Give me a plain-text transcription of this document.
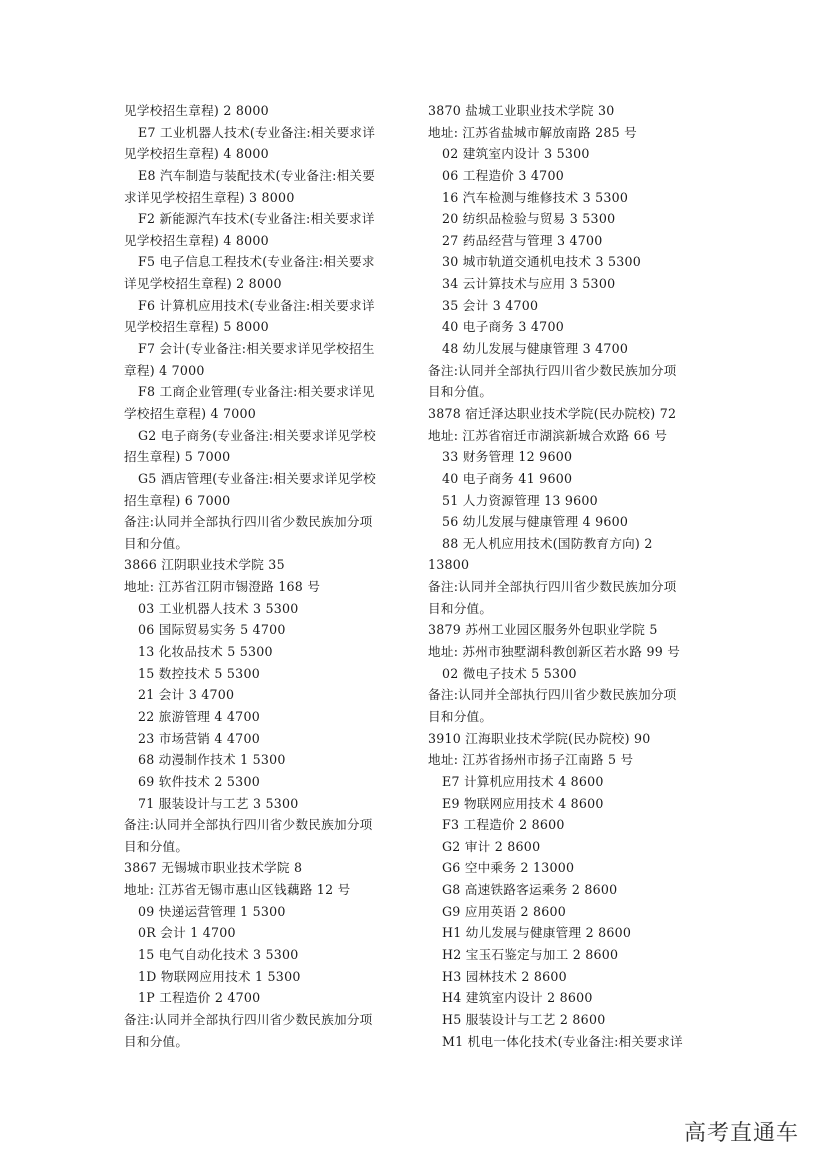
见学校招生章程) 2 8000
E7 工业机器人技术(专业备注:相关要求详
见学校招生章程) 4 8000
E8 汽车制造与装配技术(专业备注:相关要
求详见学校招生章程) 3 8000
F2 新能源汽车技术(专业备注:相关要求详
见学校招生章程) 4 8000
F5 电子信息工程技术(专业备注:相关要求
详见学校招生章程) 2 8000
F6 计算机应用技术(专业备注:相关要求详
见学校招生章程) 5 8000
F7 会计(专业备注:相关要求详见学校招生
章程) 4 7000
F8 工商企业管理(专业备注:相关要求详见
学校招生章程) 4 7000
G2 电子商务(专业备注:相关要求详见学校
招生章程) 5 7000
G5 酒店管理(专业备注:相关要求详见学校
招生章程) 6 7000
备注:认同并全部执行四川省少数民族加分项
目和分值。
3866 江阴职业技术学院 35
地址: 江苏省江阴市锡澄路 168 号
03 工业机器人技术 3 5300
06 国际贸易实务 5 4700
13 化妆品技术 5 5300
15 数控技术 5 5300
21 会计 3 4700
22 旅游管理 4 4700
23 市场营销 4 4700
68 动漫制作技术 1 5300
69 软件技术 2 5300
71 服装设计与工艺 3 5300
备注:认同并全部执行四川省少数民族加分项
目和分值。
3867 无锡城市职业技术学院 8
地址: 江苏省无锡市惠山区钱藕路 12 号
09 快递运营管理 1 5300
0R 会计 1 4700
15 电气自动化技术 3 5300
1D 物联网应用技术 1 5300
1P 工程造价 2 4700
备注:认同并全部执行四川省少数民族加分项
目和分值。
3870 盐城工业职业技术学院 30
地址: 江苏省盐城市解放南路 285 号
02 建筑室内设计 3 5300
06 工程造价 3 4700
16 汽车检测与维修技术 3 5300
20 纺织品检验与贸易 3 5300
27 药品经营与管理 3 4700
30 城市轨道交通机电技术 3 5300
34 云计算技术与应用 3 5300
35 会计 3 4700
40 电子商务 3 4700
48 幼儿发展与健康管理 3 4700
备注:认同并全部执行四川省少数民族加分项
目和分值。
3878 宿迁泽达职业技术学院(民办院校) 72
地址: 江苏省宿迁市湖滨新城合欢路 66 号
33 财务管理 12 9600
40 电子商务 41 9600
51 人力资源管理 13 9600
56 幼儿发展与健康管理 4 9600
88 无人机应用技术(国防教育方向) 2
13800
备注:认同并全部执行四川省少数民族加分项
目和分值。
3879 苏州工业园区服务外包职业学院 5
地址: 苏州市独墅湖科教创新区若水路 99 号
02 微电子技术 5 5300
备注:认同并全部执行四川省少数民族加分项
目和分值。
3910 江海职业技术学院(民办院校) 90
地址: 江苏省扬州市扬子江南路 5 号
E7 计算机应用技术 4 8600
E9 物联网应用技术 4 8600
F3 工程造价 2 8600
G2 审计 2 8600
G6 空中乘务 2 13000
G8 高速铁路客运乘务 2 8600
G9 应用英语 2 8600
H1 幼儿发展与健康管理 2 8600
H2 宝玉石鉴定与加工 2 8600
H3 园林技术 2 8600
H4 建筑室内设计 2 8600
H5 服装设计与工艺 2 8600
M1 机电一体化技术(专业备注:相关要求详
高考直通车
